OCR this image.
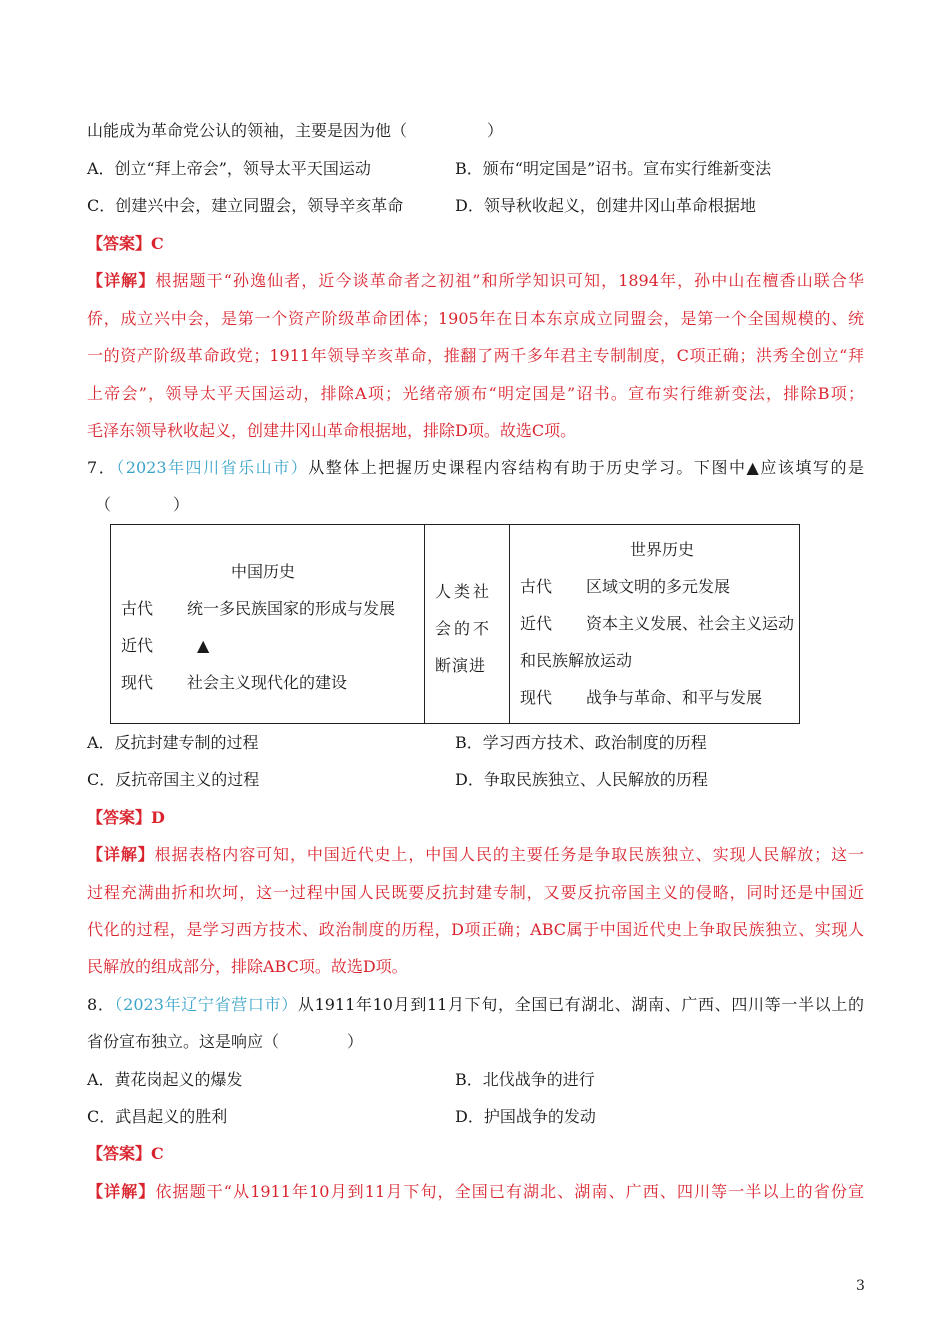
山能成为革命党公认的领袖，主要是因为他（	）
A．创立“拜上帝会”，领导太平天国运动	B．颁布“明定国是”诏书。宣布实行维新变法
C．创建兴中会，建立同盟会，领导辛亥革命	D．领导秋收起义，创建井冈山革命根据地
【答案】C
【详解】根据题干“孙逸仙者，近今谈革命者之初祖”和所学知识可知，1894年，孙中山在檀香山联合华
侨，成立兴中会，是第一个资产阶级革命团体；1905年在日本东京成立同盟会，是第一个全国规模的、统
一的资产阶级革命政党；1911年领导辛亥革命，推翻了两千多年君主专制制度，C项正确；洪秀全创立“拜
上帝会”，领导太平天国运动，排除A项；光绪帝颁布“明定国是”诏书。宣布实行维新变法，排除B项；
毛泽东领导秋收起义，创建井冈山革命根据地，排除D项。故选C项。
7．（2023年四川省乐山市）从整体上把握历史课程内容结构有助于历史学习。下图中▲应该填写的是
（	）
中国历史
古代 统一多民族国家的形成与发展
近代	▲
现代 社会主义现代化的建设

人类社
会的不
断演进

世界历史
古代 区域文明的多元发展
近代 资本主义发展、社会主义运动
和民族解放运动
现代 战争与革命、和平与发展
A．反抗封建专制的过程	B．学习西方技术、政治制度的历程
C．反抗帝国主义的过程	D．争取民族独立、人民解放的历程
【答案】D
【详解】根据表格内容可知，中国近代史上，中国人民的主要任务是争取民族独立、实现人民解放；这一
过程充满曲折和坎坷，这一过程中国人民既要反抗封建专制，又要反抗帝国主义的侵略，同时还是中国近
代化的过程，是学习西方技术、政治制度的历程，D项正确；ABC属于中国近代史上争取民族独立、实现人
民解放的组成部分，排除ABC项。故选D项。
8．（2023年辽宁省营口市）从1911年10月到11月下旬，全国已有湖北、湖南、广西、四川等一半以上的
省份宣布独立。这是响应（	）
A．黄花岗起义的爆发	B．北伐战争的进行
C．武昌起义的胜利	D．护国战争的发动
【答案】C
【详解】依据题干“从1911年10月到11月下旬，全国已有湖北、湖南、广西、四川等一半以上的省份宣
3
